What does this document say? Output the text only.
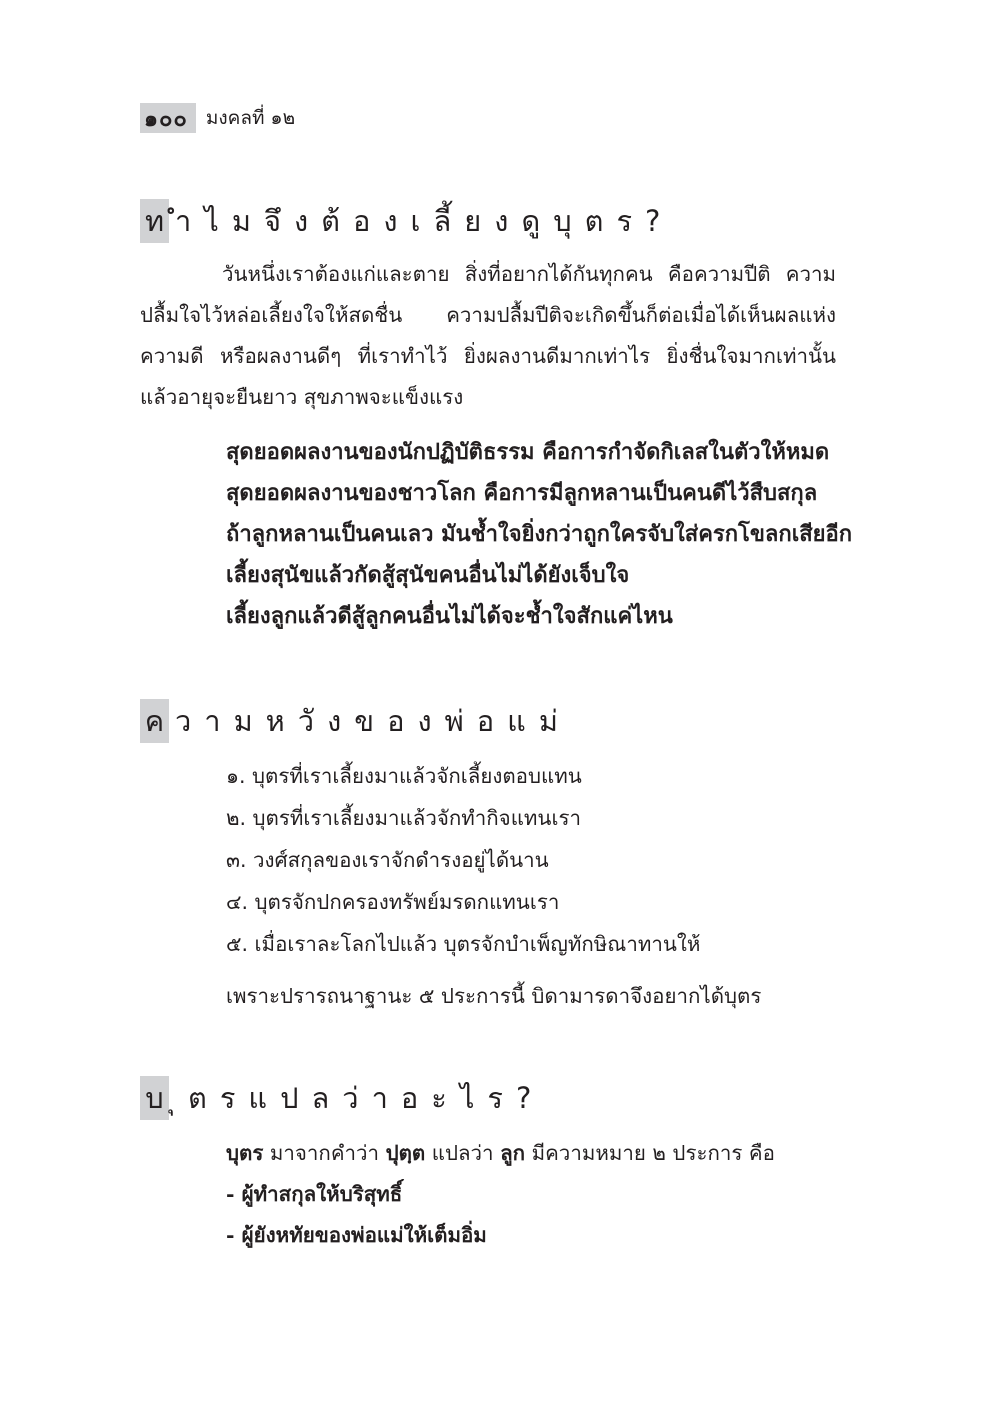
๑๐๐ มงคลที่ ๑๒
ท ำไมจึงต้องเลี้ยงดูบุตร?
วันหนึ่งเราต้องแก่และตาย สิ่งที่อยากได้กันทุกคน คือความปีติ ความ
ปลื้มใจไว้หล่อเลี้ยงใจให้สดชื่น ความปลื้มปีติจะเกิดขึ้นก็ต่อเมื่อได้เห็นผลแห่ง
ความดี หรือผลงานดีๆ ที่เราทำไว้ ยิ่งผลงานดีมากเท่าไร ยิ่งชื่นใจมากเท่านั้น
แล้วอายุจะยืนยาว สุขภาพจะแข็งแรง
สุดยอดผลงานของนักปฏิบัติธรรม คือการกำจัดกิเลสในตัวให้หมด
สุดยอดผลงานของชาวโลก คือการมีลูกหลานเป็นคนดีไว้สืบสกุล
ถ้าลูกหลานเป็นคนเลว มันช้ำใจยิ่งกว่าถูกใครจับใส่ครกโขลกเสียอีก
เลี้ยงสุนัขแล้วกัดสู้สุนัขคนอื่นไม่ได้ยังเจ็บใจ
เลี้ยงลูกแล้วดีสู้ลูกคนอื่นไม่ได้จะช้ำใจสักแค่ไหน
ค วามหวังของพ่อแม่
๑. บุตรที่เราเลี้ยงมาแล้วจักเลี้ยงตอบแทน
๒. บุตรที่เราเลี้ยงมาแล้วจักทำกิจแทนเรา
๓. วงศ์สกุลของเราจักดำรงอยู่ได้นาน
๔. บุตรจักปกครองทรัพย์มรดกแทนเรา
๕. เมื่อเราละโลกไปแล้ว บุตรจักบำเพ็ญทักษิณาทานให้
เพราะปรารถนาฐานะ ๕ ประการนี้ บิดามารดาจึงอยากได้บุตร
บ ุตรแปลว่าอะไร?
บุตร มาจากคำว่า ปุตฺต แปลว่า ลูก มีความหมาย ๒ ประการ คือ
- ผู้ทำสกุลให้บริสุทธิ์
- ผู้ยังหทัยของพ่อแม่ให้เต็มอิ่ม
